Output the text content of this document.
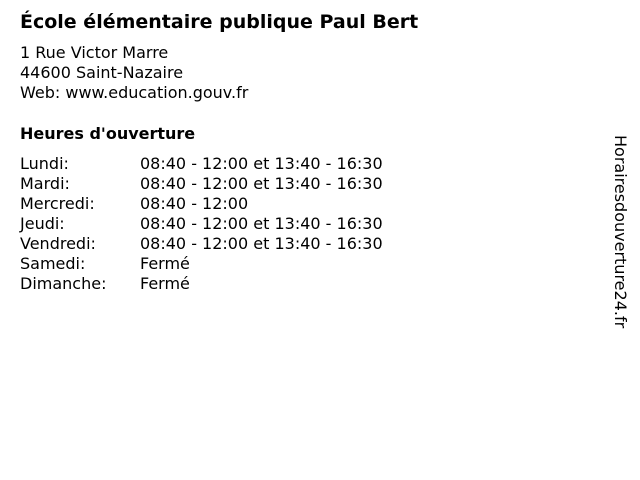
École élémentaire publique Paul Bert
1 Rue Victor Marre
44600 Saint-Nazaire
Web: www.education.gouv.fr
Heures d'ouverture
Lundi:	08:40 - 12:00 et 13:40 - 16:30
Mardi:	08:40 - 12:00 et 13:40 - 16:30
Mercredi:	08:40 - 12:00
Jeudi:	08:40 - 12:00 et 13:40 - 16:30
Vendredi:	08:40 - 12:00 et 13:40 - 16:30
Samedi:	Fermé
Dimanche:	Fermé	Horairesdouverture24.fr
